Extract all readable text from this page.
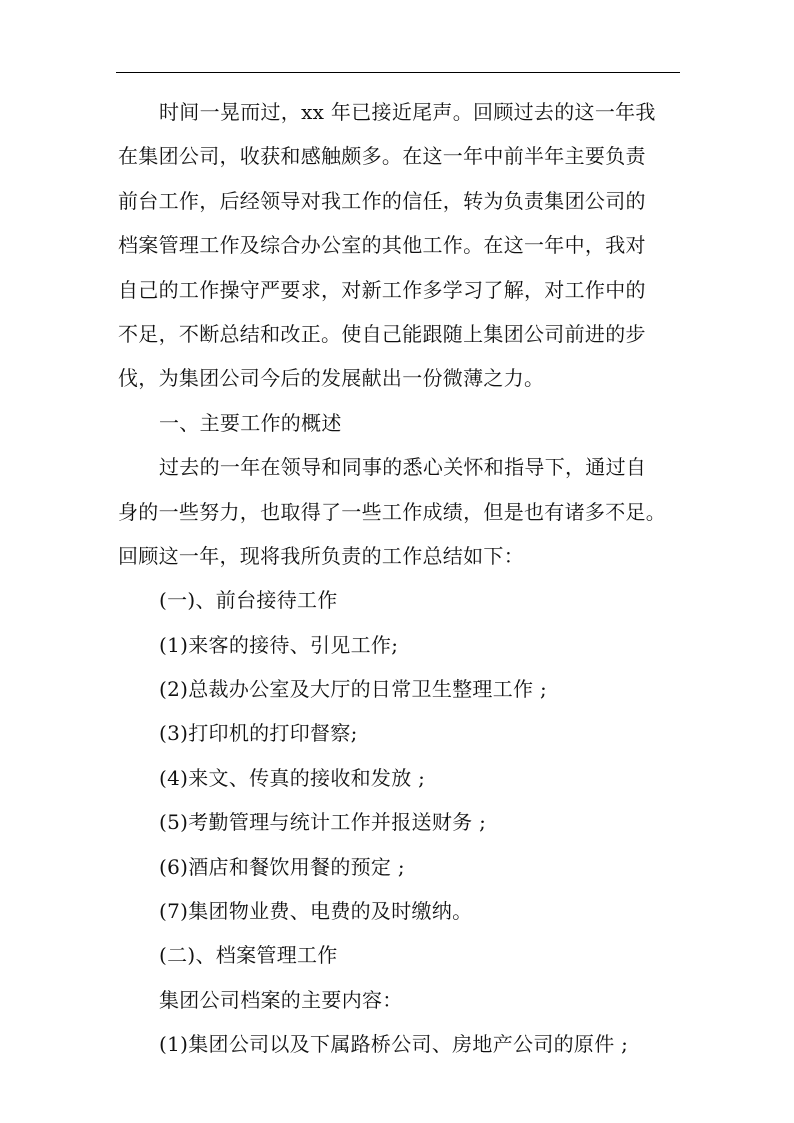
时间一晃而过，xx 年已接近尾声。回顾过去的这一年我
在集团公司，收获和感触颇多。在这一年中前半年主要负责
前台工作，后经领导对我工作的信任，转为负责集团公司的
档案管理工作及综合办公室的其他工作。在这一年中，我对
自己的工作操守严要求，对新工作多学习了解，对工作中的
不足，不断总结和改正。使自己能跟随上集团公司前进的步
伐，为集团公司今后的发展献出一份微薄之力。
一、主要工作的概述
过去的一年在领导和同事的悉心关怀和指导下，通过自
身的一些努力，也取得了一些工作成绩，但是也有诸多不足。
回顾这一年，现将我所负责的工作总结如下：
(一)、前台接待工作
(1)来客的接待、引见工作;
(2)总裁办公室及大厅的日常卫生整理工作 ;
(3)打印机的打印督察;
(4)来文、传真的接收和发放 ;
(5)考勤管理与统计工作并报送财务 ;
(6)酒店和餐饮用餐的预定 ;
(7)集团物业费、电费的及时缴纳。
(二)、档案管理工作
集团公司档案的主要内容：
(1)集团公司以及下属路桥公司、房地产公司的原件 ;
